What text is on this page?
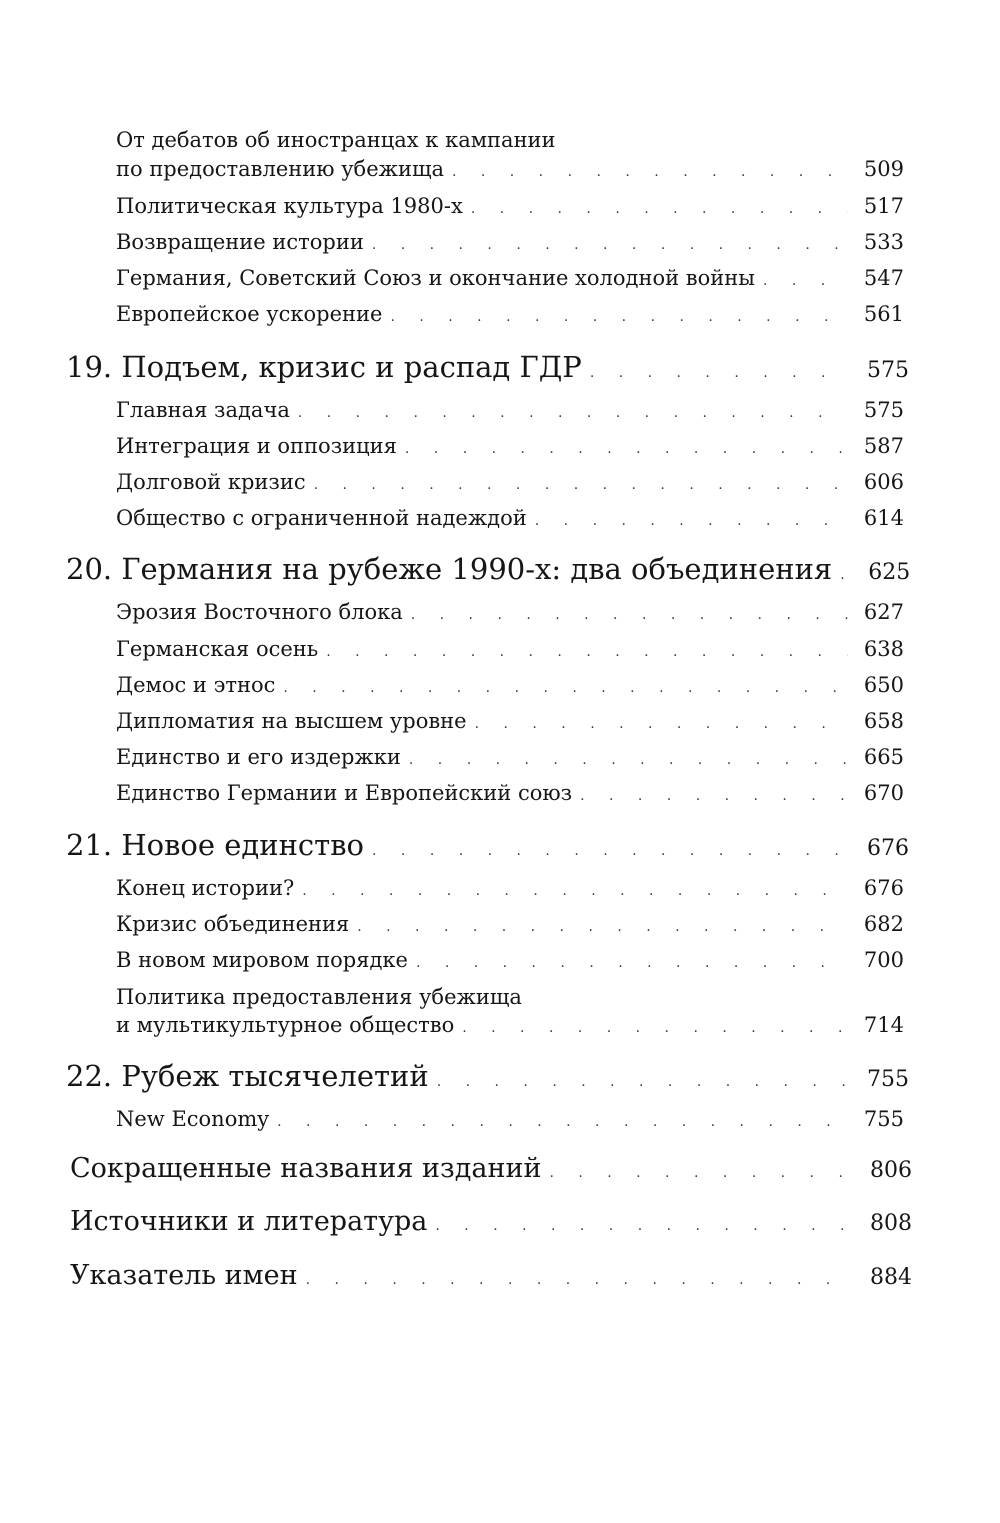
От дебатов об иностранцах к кампании
по предоставлению убежища . . .	509
Политическая культура 1980-х . . .	517
Возвращение истории . . .	533
Германия, Советский Союз и окончание холодной войны . . .	547
Европейское ускорение . . .	561
19. Подъем, кризис и распад ГДР . . .	575
Главная задача . . .	575
Интеграция и оппозиция . . .	587
Долговой кризис . . .	606
Общество с ограниченной надеждой . . .	614
20. Германия на рубеже 1990-х: два объединения . . .	625
Эрозия Восточного блока . . .	627
Германская осень . . .	638
Демос и этнос . . .	650
Дипломатия на высшем уровне . . .	658
Единство и его издержки . . .	665
Единство Германии и Европейский союз . . .	670
21. Новое единство . . .	676
Конец истории? . . .	676
Кризис объединения . . .	682
В новом мировом порядке . . .	700
Политика предоставления убежища
и мультикультурное общество . . .	714
22. Рубеж тысячелетий . . .	755
New Economy . . .	755
Сокращенные названия изданий . . .	806
Источники и литература . . .	808
Указатель имен . . .	884
